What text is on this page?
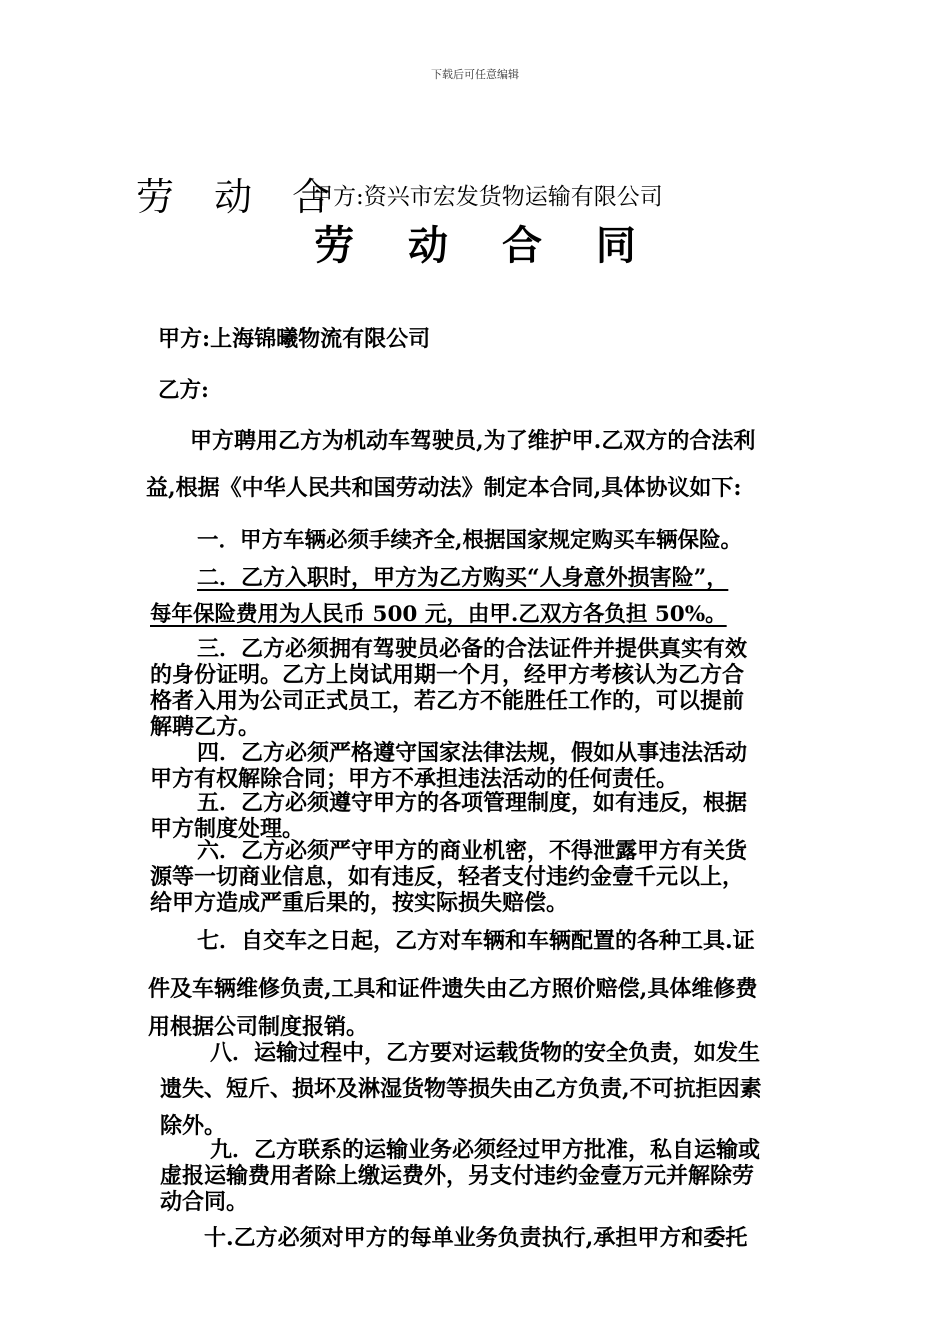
下载后可任意编辑
劳 动 合
甲方:资兴市宏发货物运输有限公司
劳 动 合 同
甲方:上海锦曦物流有限公司
乙方:
甲方聘用乙方为机动车驾驶员,为了维护甲.乙双方的合法利
益,根据《中华人民共和国劳动法》制定本合同,具体协议如下:
一．甲方车辆必须手续齐全,根据国家规定购买车辆保险。
二．乙方入职时，甲方为乙方购买“人身意外损害险”，
每年保险费用为人民币 500 元，由甲.乙双方各负担 50%。
三．乙方必须拥有驾驶员必备的合法证件并提供真实有效
的身份证明。乙方上岗试用期一个月，经甲方考核认为乙方合
格者入用为公司正式员工，若乙方不能胜任工作的，可以提前
解聘乙方。
四．乙方必须严格遵守国家法律法规，假如从事违法活动
甲方有权解除合同；甲方不承担违法活动的任何责任。
五．乙方必须遵守甲方的各项管理制度，如有违反，根据
甲方制度处理。
六．乙方必须严守甲方的商业机密，不得泄露甲方有关货
源等一切商业信息，如有违反，轻者支付违约金壹千元以上，
给甲方造成严重后果的，按实际损失赔偿。
七．自交车之日起，乙方对车辆和车辆配置的各种工具.证
件及车辆维修负责,工具和证件遗失由乙方照价赔偿,具体维修费
用根据公司制度报销。
八．运输过程中，乙方要对运载货物的安全负责，如发生
遗失、短斤、损坏及淋湿货物等损失由乙方负责,不可抗拒因素
除外。
九．乙方联系的运输业务必须经过甲方批准，私自运输或
虚报运输费用者除上缴运费外，另支付违约金壹万元并解除劳
动合同。
十.乙方必须对甲方的每单业务负责执行,承担甲方和委托
